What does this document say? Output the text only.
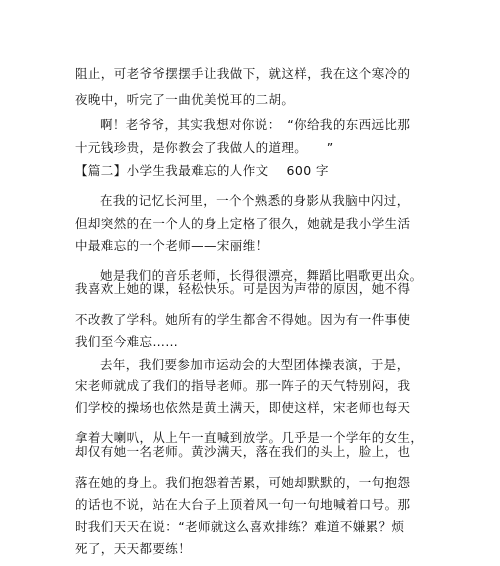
阻止，可老爷爷摆摆手让我做下，就这样，我在这个寒冷的
夜晚中，听完了一曲优美悦耳的二胡。
啊！老爷爷，其实我想对你说：　“你给我的东西远比那
十元钱珍贵，是你教会了我做人的道理。　　”
【篇二】小学生我最难忘的人作文 600 字
在我的记忆长河里，一个个熟悉的身影从我脑中闪过，
但却突然的在一个人的身上定格了很久，她就是我小学生活
中最难忘的一个老师——宋丽维！
她是我们的音乐老师，长得很漂亮，舞蹈比唱歌更出众。
我喜欢上她的课，轻松快乐。可是因为声带的原因，她不得
不改教了学科。她所有的学生都舍不得她。因为有一件事使
我们至今难忘……
去年，我们要参加市运动会的大型团体操表演，于是，
宋老师就成了我们的指导老师。那一阵子的天气特别闷，我
们学校的操场也依然是黄土满天，即使这样，宋老师也每天
拿着大喇叭，从上午一直喊到放学。几乎是一个学年的女生，
却仅有她一名老师。黄沙满天，落在我们的头上，脸上，也
落在她的身上。我们抱怨着苦累，可她却默默的，一句抱怨
的话也不说，站在大台子上顶着风一句一句地喊着口号。那
时我们天天在说：“老师就这么喜欢排练？难道不嫌累？烦
死了，天天都要练！
